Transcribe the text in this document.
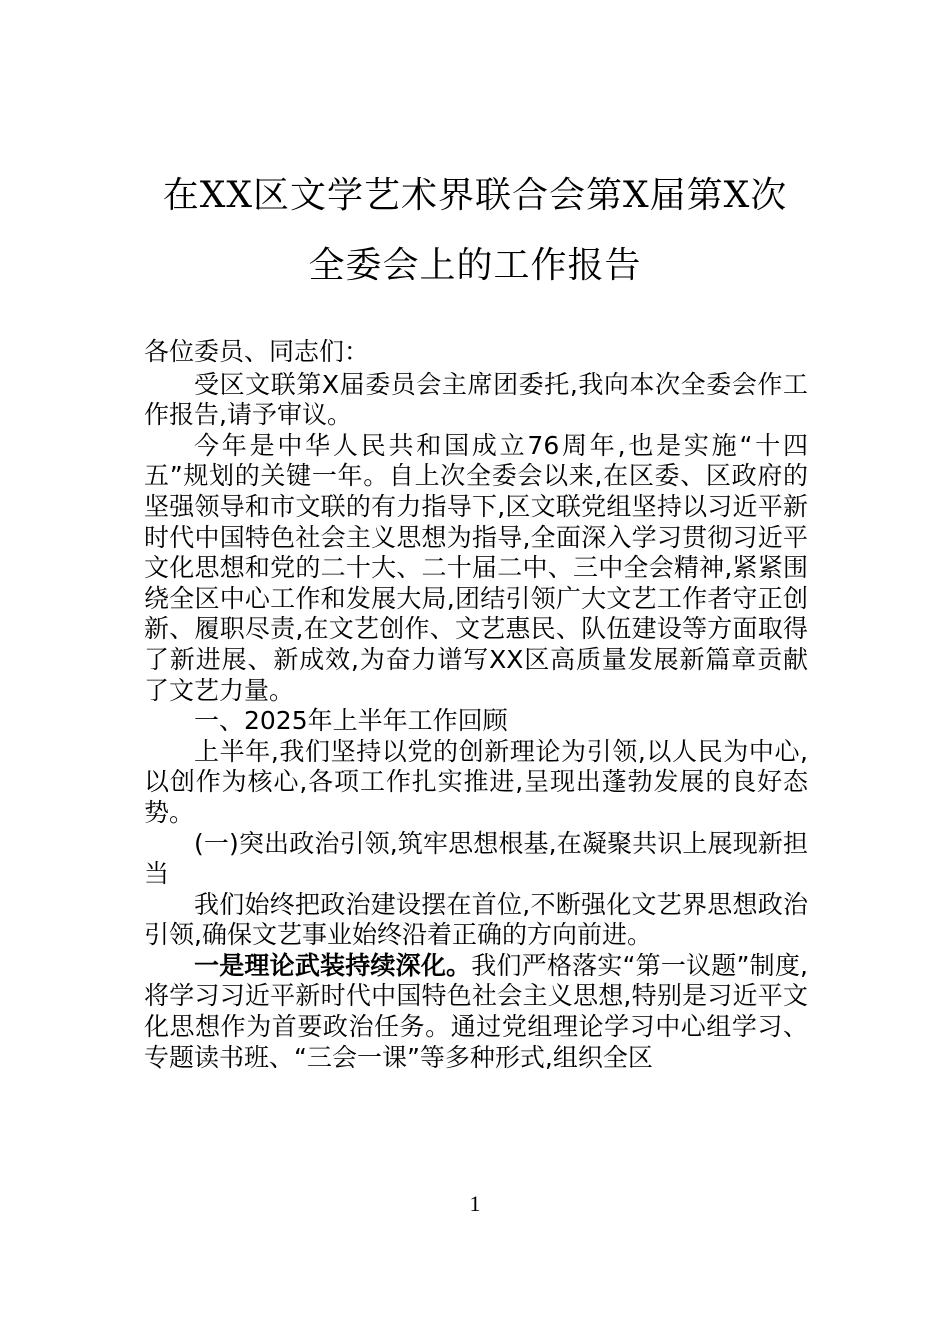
在XX区文学艺术界联合会第X届第X次
全委会上的工作报告

各位委员、同志们：

受区文联第X届委员会主席团委托,我向本次全委会作工作报告,请予审议。

今年是中华人民共和国成立76周年,也是实施“十四五”规划的关键一年。自上次全委会以来,在区委、区政府的坚强领导和市文联的有力指导下,区文联党组坚持以习近平新时代中国特色社会主义思想为指导,全面深入学习贯彻习近平文化思想和党的二十大、二十届二中、三中全会精神,紧紧围绕全区中心工作和发展大局,团结引领广大文艺工作者守正创新、履职尽责,在文艺创作、文艺惠民、队伍建设等方面取得了新进展、新成效,为奋力谱写XX区高质量发展新篇章贡献了文艺力量。

一、2025年上半年工作回顾

上半年,我们坚持以党的创新理论为引领,以人民为中心,以创作为核心,各项工作扎实推进,呈现出蓬勃发展的良好态势。

(一)突出政治引领,筑牢思想根基,在凝聚共识上展现新担当

我们始终把政治建设摆在首位,不断强化文艺界思想政治引领,确保文艺事业始终沿着正确的方向前进。

一是理论武装持续深化。我们严格落实“第一议题”制度,将学习习近平新时代中国特色社会主义思想,特别是习近平文化思想作为首要政治任务。通过党组理论学习中心组学习、专题读书班、“三会一课”等多种形式,组织全区

1
